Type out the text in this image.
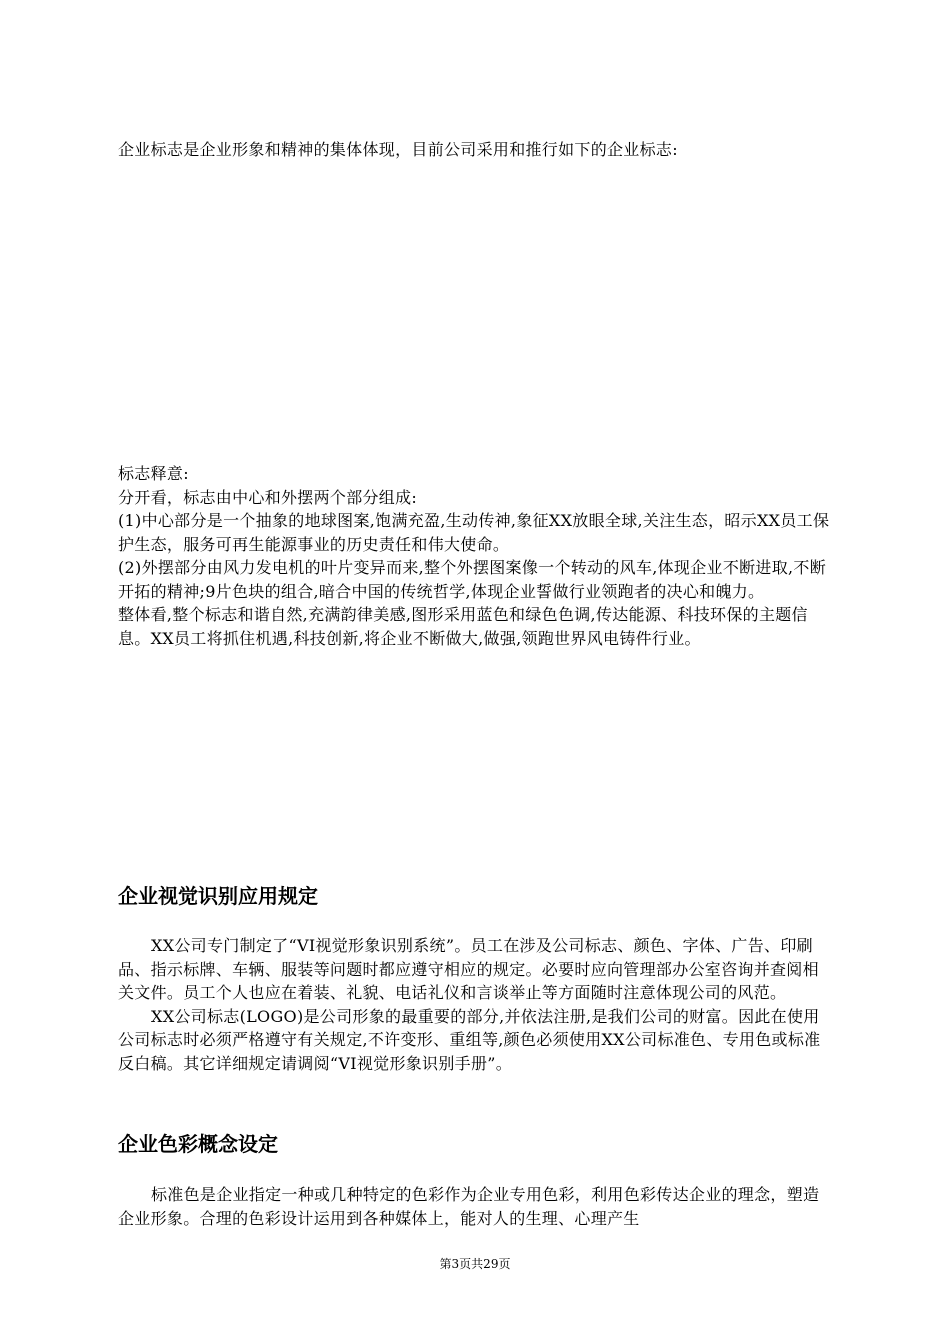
企业标志是企业形象和精神的集体体现，目前公司采用和推行如下的企业标志:

标志释意:

分开看，标志由中心和外摆两个部分组成:

(1)中心部分是一个抽象的地球图案,饱满充盈,生动传神,象征XX放眼全球,关注生态，昭示XX员工保护生态，服务可再生能源事业的历史责任和伟大使命。

(2)外摆部分由风力发电机的叶片变异而来,整个外摆图案像一个转动的风车,体现企业不断进取,不断开拓的精神;9片色块的组合,暗合中国的传统哲学,体现企业誓做行业领跑者的决心和魄力。

整体看,整个标志和谐自然,充满韵律美感,图形采用蓝色和绿色色调,传达能源、科技环保的主题信息。XX员工将抓住机遇,科技创新,将企业不断做大,做强,领跑世界风电铸件行业。

企业视觉识别应用规定

XX公司专门制定了“VI视觉形象识别系统”。员工在涉及公司标志、颜色、字体、广告、印刷品、指示标牌、车辆、服装等问题时都应遵守相应的规定。必要时应向管理部办公室咨询并查阅相关文件。员工个人也应在着装、礼貌、电话礼仪和言谈举止等方面随时注意体现公司的风范。

XX公司标志(LOGO)是公司形象的最重要的部分,并依法注册,是我们公司的财富。因此在使用公司标志时必须严格遵守有关规定,不许变形、重组等,颜色必须使用XX公司标准色、专用色或标准反白稿。其它详细规定请调阅“VI视觉形象识别手册”。

企业色彩概念设定

标准色是企业指定一种或几种特定的色彩作为企业专用色彩，利用色彩传达企业的理念，塑造企业形象。合理的色彩设计运用到各种媒体上，能对人的生理、心理产生

第3页共29页
